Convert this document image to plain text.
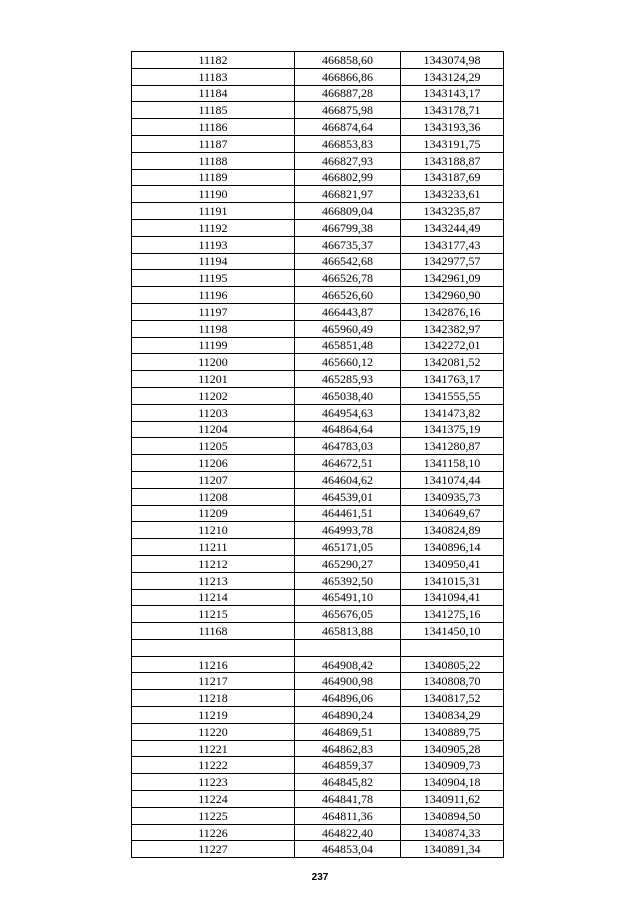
11182	466858,60	1343074,98
11183	466866,86	1343124,29
11184	466887,28	1343143,17
11185	466875,98	1343178,71
11186	466874,64	1343193,36
11187	466853,83	1343191,75
11188	466827,93	1343188,87
11189	466802,99	1343187,69
11190	466821,97	1343233,61
11191	466809,04	1343235,87
11192	466799,38	1343244,49
11193	466735,37	1343177,43
11194	466542,68	1342977,57
11195	466526,78	1342961,09
11196	466526,60	1342960,90
11197	466443,87	1342876,16
11198	465960,49	1342382,97
11199	465851,48	1342272,01
11200	465660,12	1342081,52
11201	465285,93	1341763,17
11202	465038,40	1341555,55
11203	464954,63	1341473,82
11204	464864,64	1341375,19
11205	464783,03	1341280,87
11206	464672,51	1341158,10
11207	464604,62	1341074,44
11208	464539,01	1340935,73
11209	464461,51	1340649,67
11210	464993,78	1340824,89
11211	465171,05	1340896,14
11212	465290,27	1340950,41
11213	465392,50	1341015,31
11214	465491,10	1341094,41
11215	465676,05	1341275,16
11168	465813,88	1341450,10

11216	464908,42	1340805,22
11217	464900,98	1340808,70
11218	464896,06	1340817,52
11219	464890,24	1340834,29
11220	464869,51	1340889,75
11221	464862,83	1340905,28
11222	464859,37	1340909,73
11223	464845,82	1340904,18
11224	464841,78	1340911,62
11225	464811,36	1340894,50
11226	464822,40	1340874,33
11227	464853,04	1340891,34
237
